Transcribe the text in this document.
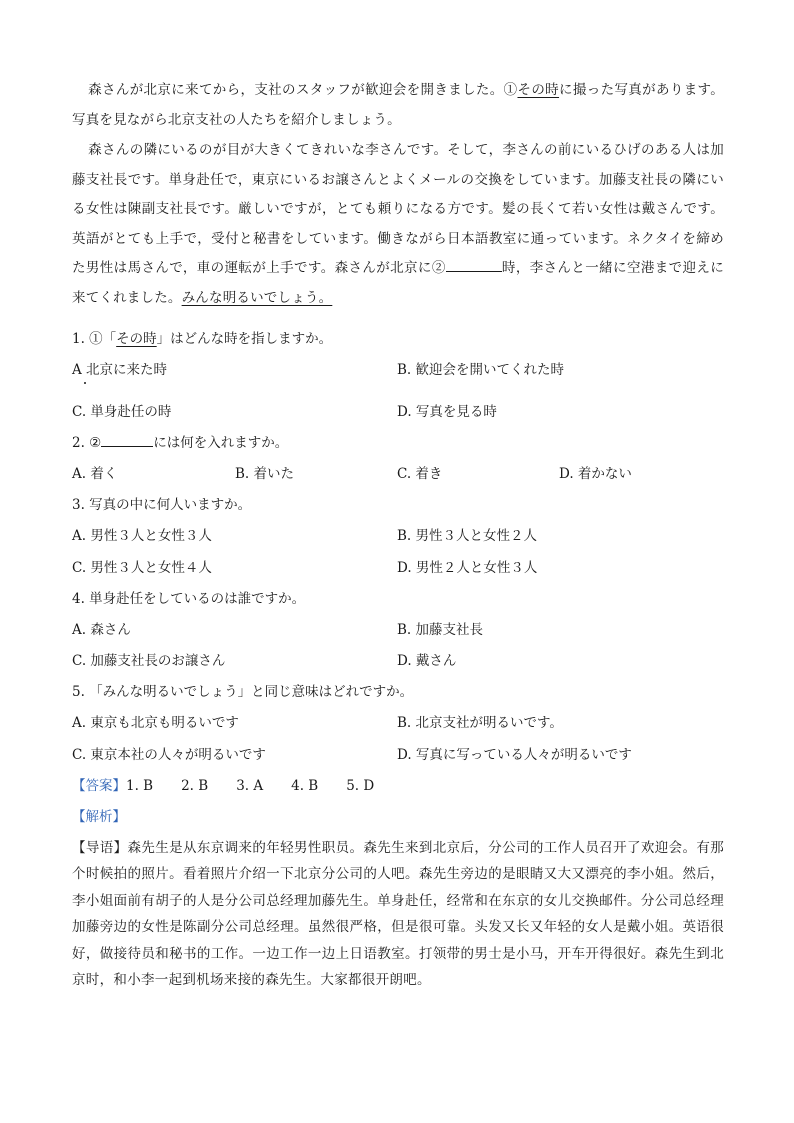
森さんが北京に来てから，支社のスタッフが歓迎会を開きました。①その時に撮った写真があります。写真を見ながら北京支社の人たちを紹介しましょう。

森さんの隣にいるのが目が大きくてきれいな李さんです。そして，李さんの前にいるひげのある人は加藤支社長です。単身赴任で，東京にいるお譲さんとよくメールの交換をしています。加藤支社長の隣にいる女性は陳副支社長です。厳しいですが，とても頼りになる方です。髪の長くて若い女性は戴さんです。英語がとても上手で，受付と秘書をしています。働きながら日本語教室に通っています。ネクタイを締めた男性は馬さんで，車の運転が上手です。森さんが北京に②	時，李さんと一緒に空港まで迎えに来てくれました。みんな明るいでしょう。

1. ①「その時」はどんな時を指しますか。
A 北京に来た時	B. 歓迎会を開いてくれた時
C. 単身赴任の時	D. 写真を見る時
2. ②	には何を入れますか。
A. 着く	B. 着いた	C. 着き	D. 着かない
3. 写真の中に何人いますか。
A. 男性３人と女性３人	B. 男性３人と女性２人
C. 男性３人と女性４人	D. 男性２人と女性３人
4. 単身赴任をしているのは誰ですか。
A. 森さん	B. 加藤支社長
C. 加藤支社長のお譲さん	D. 戴さん
5. 「みんな明るいでしょう」と同じ意味はどれですか。
A. 東京も北京も明るいです	B. 北京支社が明るいです。
C. 東京本社の人々が明るいです	D. 写真に写っている人々が明るいです
【答案】1. B 2. B 3. A 4. B 5. D
【解析】

【导语】森先生是从东京调来的年轻男性职员。森先生来到北京后，分公司的工作人员召开了欢迎会。有那个时候拍的照片。看着照片介绍一下北京分公司的人吧。森先生旁边的是眼睛又大又漂亮的李小姐。然后，李小姐面前有胡子的人是分公司总经理加藤先生。单身赴任，经常和在东京的女儿交换邮件。分公司总经理加藤旁边的女性是陈副分公司总经理。虽然很严格，但是很可靠。头发又长又年轻的女人是戴小姐。英语很好，做接待员和秘书的工作。一边工作一边上日语教室。打领带的男士是小马，开车开得很好。森先生到北京时，和小李一起到机场来接的森先生。大家都很开朗吧。
